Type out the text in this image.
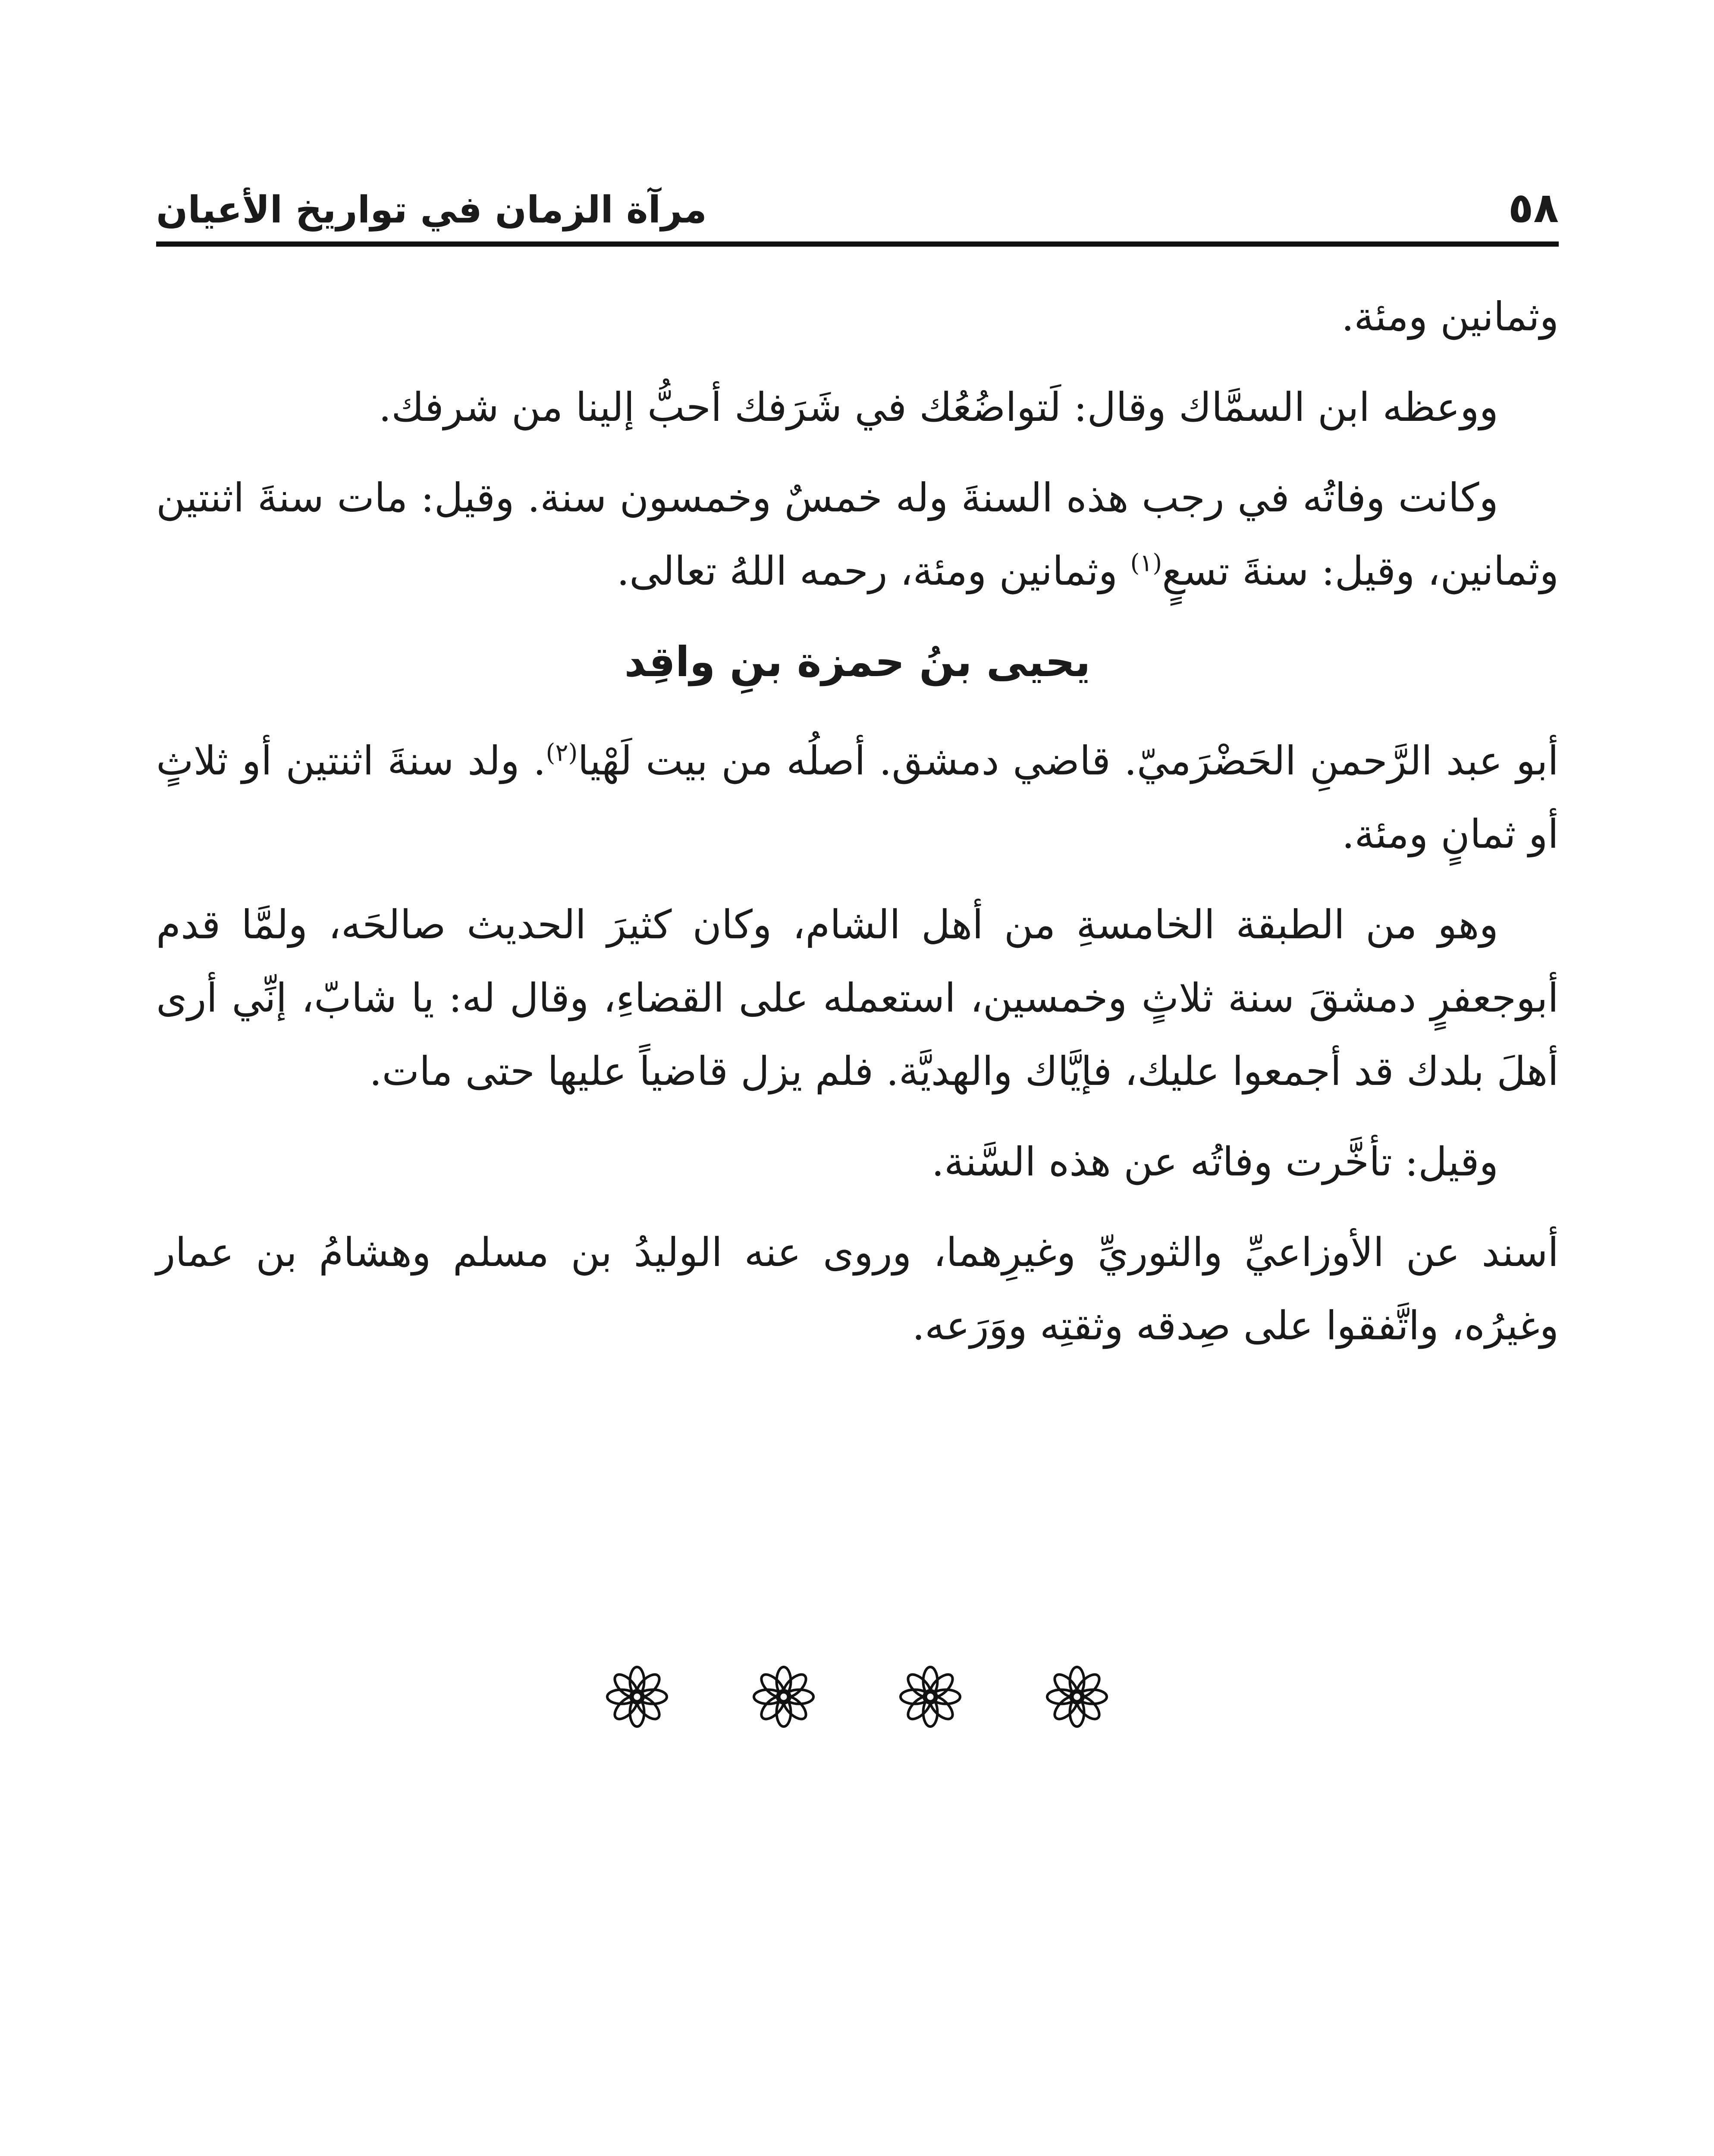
٥٨
مرآة الزمان في تواريخ الأعيان

وثمانين ومئة.

ووعظه ابن السمَّاك وقال: لَتواضُعُك في شَرَفك أحبُّ إلينا من شرفك.

وكانت وفاتُه في رجب هذه السنةَ وله خمسٌ وخمسون سنة. وقيل: مات سنةَ اثنتين وثمانين، وقيل: سنةَ تسعٍ$^{(١)}$ وثمانين ومئة، رحمه اللهُ تعالى.

يحيى بنُ حمزة بنِ واقِد

أبو عبد الرَّحمنِ الحَضْرَميّ. قاضي دمشق. أصلُه من بيت لَهْيا$^{(٢)}$. ولد سنةَ اثنتين أو ثلاثٍ أو ثمانٍ ومئة.

وهو من الطبقة الخامسةِ من أهل الشام، وكان كثيرَ الحديث صالحَه، ولمَّا قدم أبوجعفرٍ دمشقَ سنة ثلاثٍ وخمسين، استعمله على القضاءِ، وقال له: يا شابّ، إنِّي أرى أهلَ بلدك قد أجمعوا عليك، فإيَّاك والهديَّة. فلم يزل قاضياً عليها حتى مات.

وقيل: تأخَّرت وفاتُه عن هذه السَّنة.

أسند عن الأوزاعيِّ والثوريِّ وغيرِهما، وروى عنه الوليدُ بن مسلم وهشامُ بن عمار وغيرُه، واتَّفقوا على صِدقه وثقتِه ووَرَعه.
